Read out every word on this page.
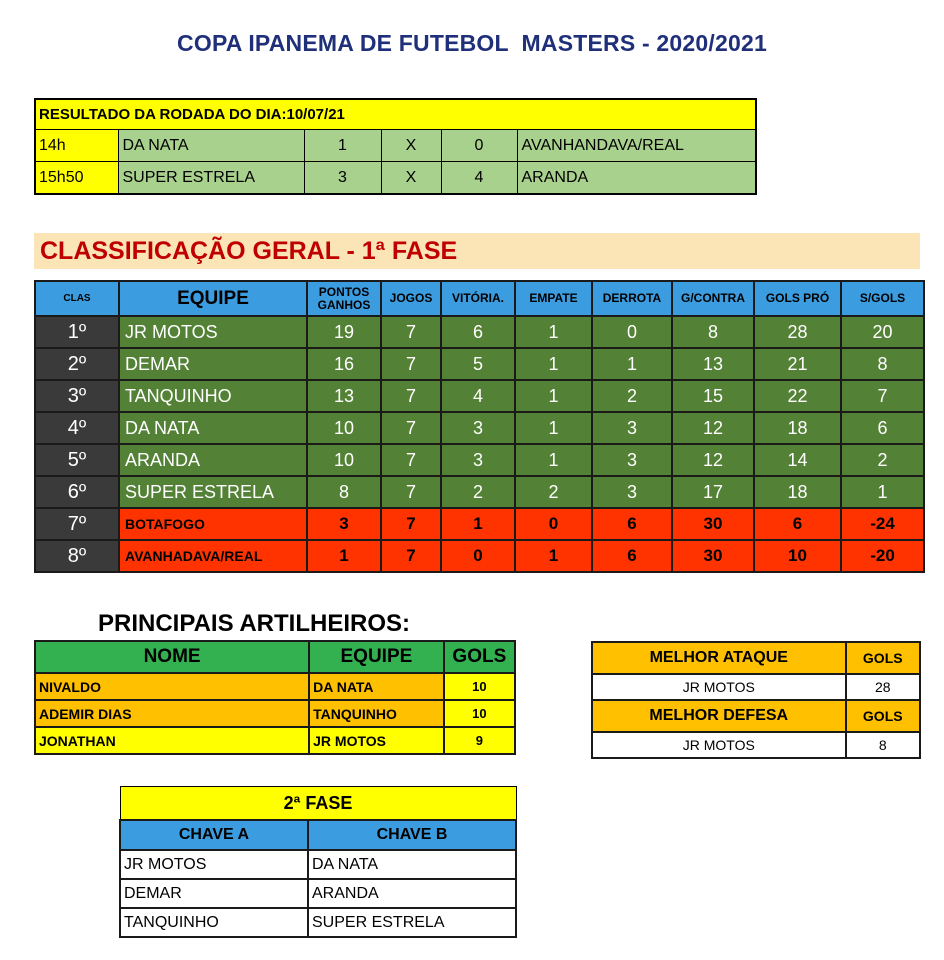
COPA IPANEMA DE FUTEBOL  MASTERS - 2020/2021
RESULTADO DA RODADA DO DIA:10/07/21					
14h	DA NATA	1	X	0	AVANHANDAVA/REAL
15h50	SUPER ESTRELA	3	X	4	ARANDA
CLASSIFICAÇÃO GERAL - 1ª FASE
CLAS	EQUIPE	PONTOS GANHOS	JOGOS	VITÓRIA.	EMPATE	DERROTA	G/CONTRA	GOLS PRÓ	S/GOLS
1º	JR MOTOS	19	7	6	1	0	8	28	20
2º	DEMAR	16	7	5	1	1	13	21	8
3º	TANQUINHO	13	7	4	1	2	15	22	7
4º	DA NATA	10	7	3	1	3	12	18	6
5º	ARANDA	10	7	3	1	3	12	14	2
6º	SUPER ESTRELA	8	7	2	2	3	17	18	1
7º	BOTAFOGO	3	7	1	0	6	30	6	-24
8º	AVANHADAVA/REAL	1	7	0	1	6	30	10	-20
PRINCIPAIS ARTILHEIROS:
NOME	EQUIPE	GOLS
NIVALDO	DA NATA	10
ADEMIR DIAS	TANQUINHO	10
JONATHAN	JR MOTOS	9
MELHOR ATAQUE	GOLS
JR MOTOS	28
MELHOR DEFESA	GOLS
JR MOTOS	8
2ª FASE	
CHAVE A	CHAVE B
JR MOTOS	DA NATA
DEMAR	ARANDA
TANQUINHO	SUPER ESTRELA
